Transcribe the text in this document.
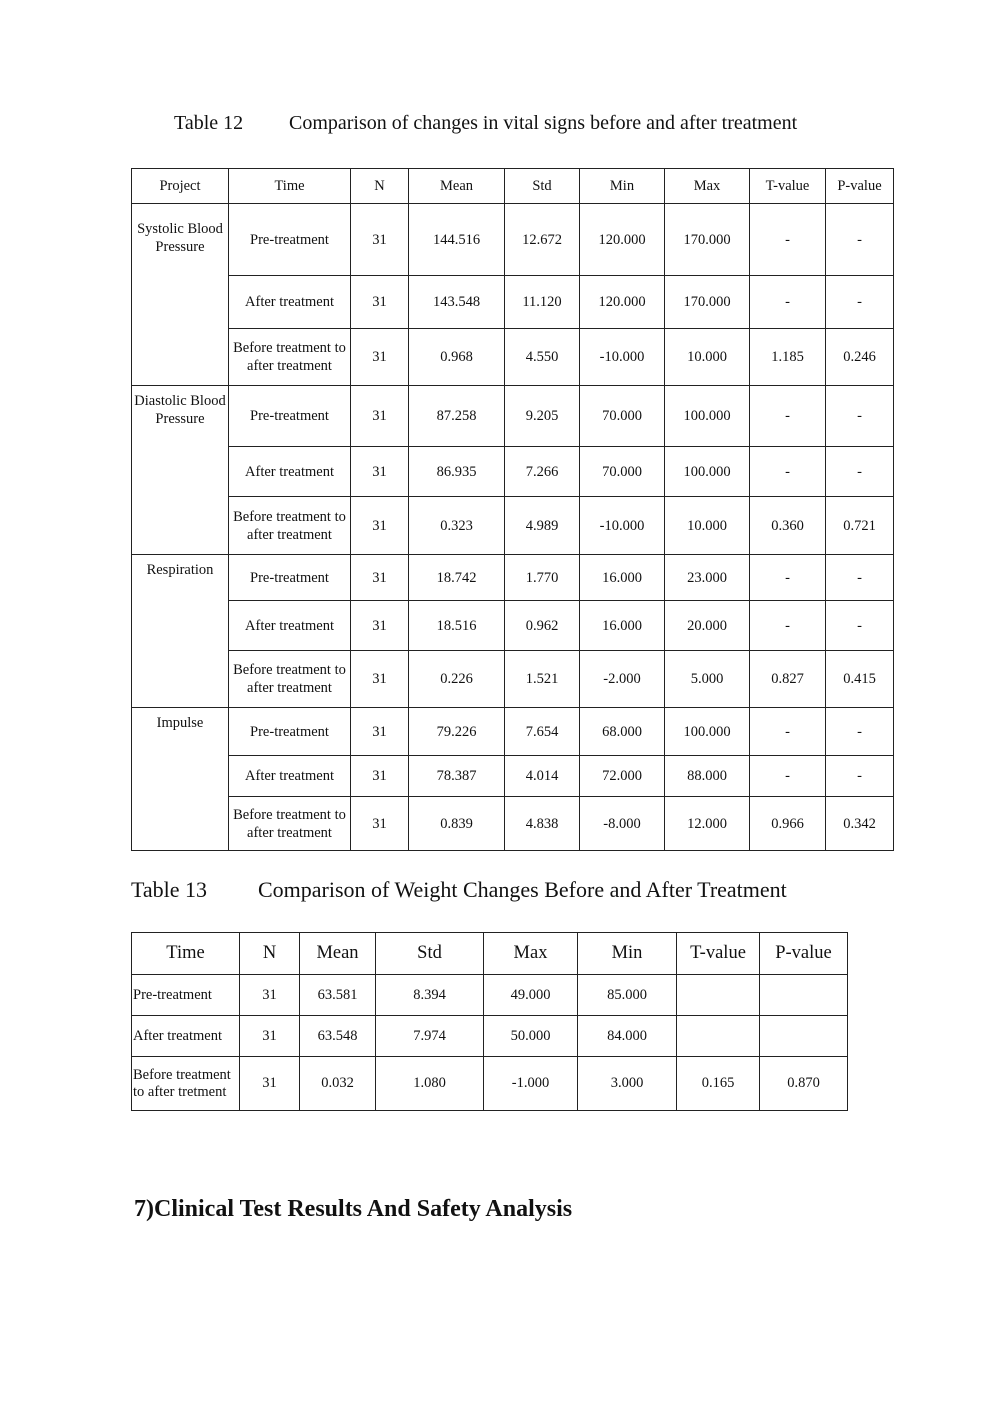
Table 12 Comparison of changes in vital signs before and after treatment
Project	Time	N	Mean	Std	Min	Max	T-value	P-value
Systolic Blood Pressure	Pre-treatment	31	144.516	12.672	120.000	170.000	-	-
	After treatment	31	143.548	11.120	120.000	170.000	-	-
	Before treatment to after treatment	31	0.968	4.550	-10.000	10.000	1.185	0.246
Diastolic Blood Pressure	Pre-treatment	31	87.258	9.205	70.000	100.000	-	-
	After treatment	31	86.935	7.266	70.000	100.000	-	-
	Before treatment to after treatment	31	0.323	4.989	-10.000	10.000	0.360	0.721
Respiration	Pre-treatment	31	18.742	1.770	16.000	23.000	-	-
	After treatment	31	18.516	0.962	16.000	20.000	-	-
	Before treatment to after treatment	31	0.226	1.521	-2.000	5.000	0.827	0.415
Impulse	Pre-treatment	31	79.226	7.654	68.000	100.000	-	-
	After treatment	31	78.387	4.014	72.000	88.000	-	-
	Before treatment to after treatment	31	0.839	4.838	-8.000	12.000	0.966	0.342
Table 13 Comparison of Weight Changes Before and After Treatment
Time	N	Mean	Std	Max	Min	T-value	P-value
Pre-treatment	31	63.581	8.394	49.000	85.000		
After treatment	31	63.548	7.974	50.000	84.000		
Before treatment to after tretment	31	0.032	1.080	-1.000	3.000	0.165	0.870
7)Clinical Test Results And Safety Analysis
